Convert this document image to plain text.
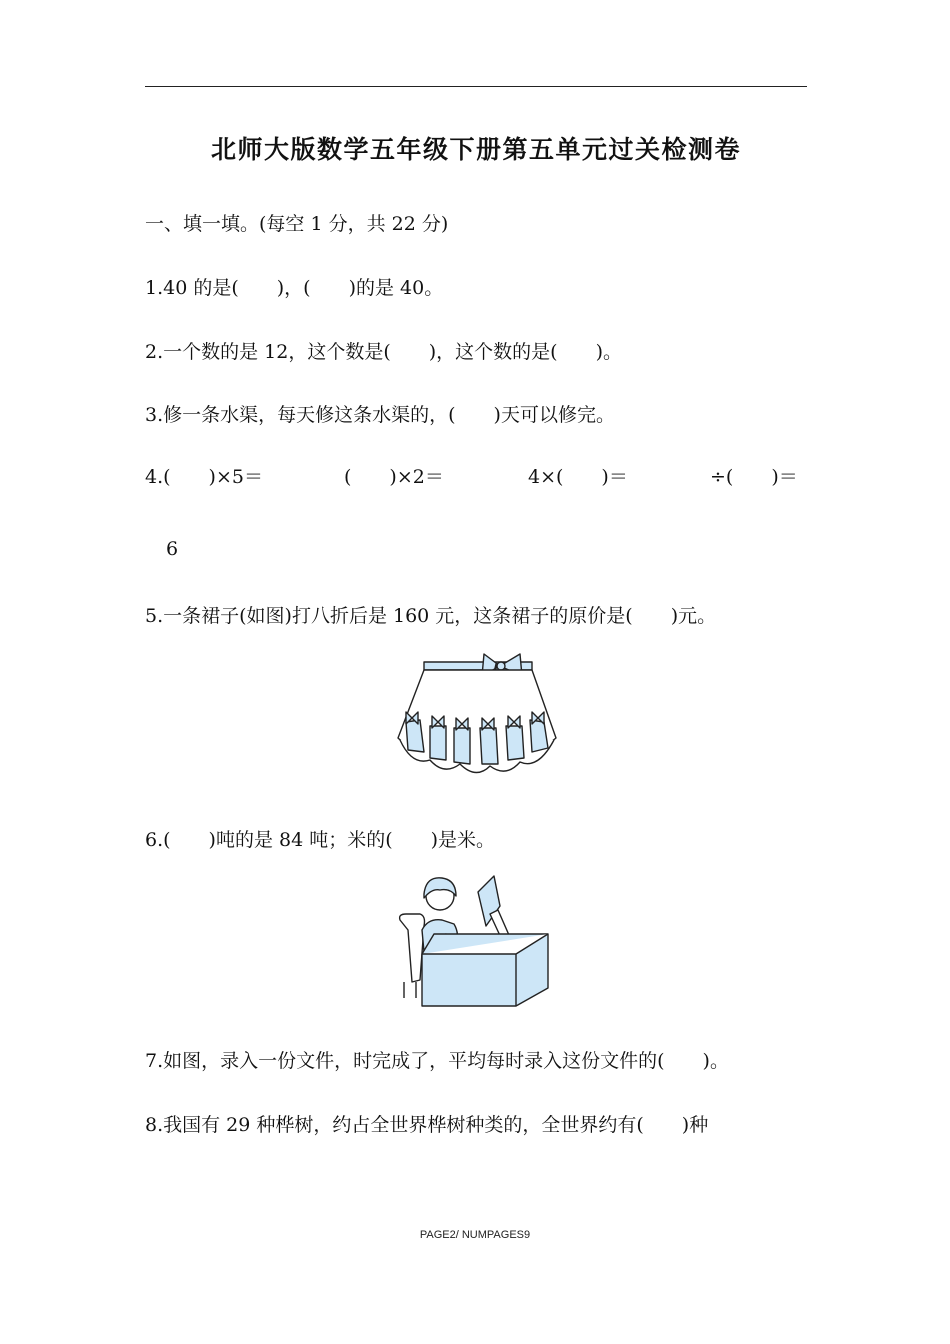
北师大版数学五年级下册第五单元过关检测卷

一、填一填。(每空 1 分，共 22 分)

1.40 的是(　　)，(　　)的是 40。

2.一个数的是 12，这个数是(　　)，这个数的是(　　)。

3.修一条水渠，每天修这条水渠的，(　　)天可以修完。

4.(　　)×5＝	(　　)×2＝	4×(　　)＝	÷(　　)＝
6

5.一条裙子(如图)打八折后是 160 元，这条裙子的原价是(　　)元。

6.(　　)吨的是 84 吨；米的(　　)是米。

7.如图，录入一份文件，时完成了，平均每时录入这份文件的(　　)。

8.我国有 29 种桦树，约占全世界桦树种类的，全世界约有(　　)种

PAGE2/ NUMPAGES9
